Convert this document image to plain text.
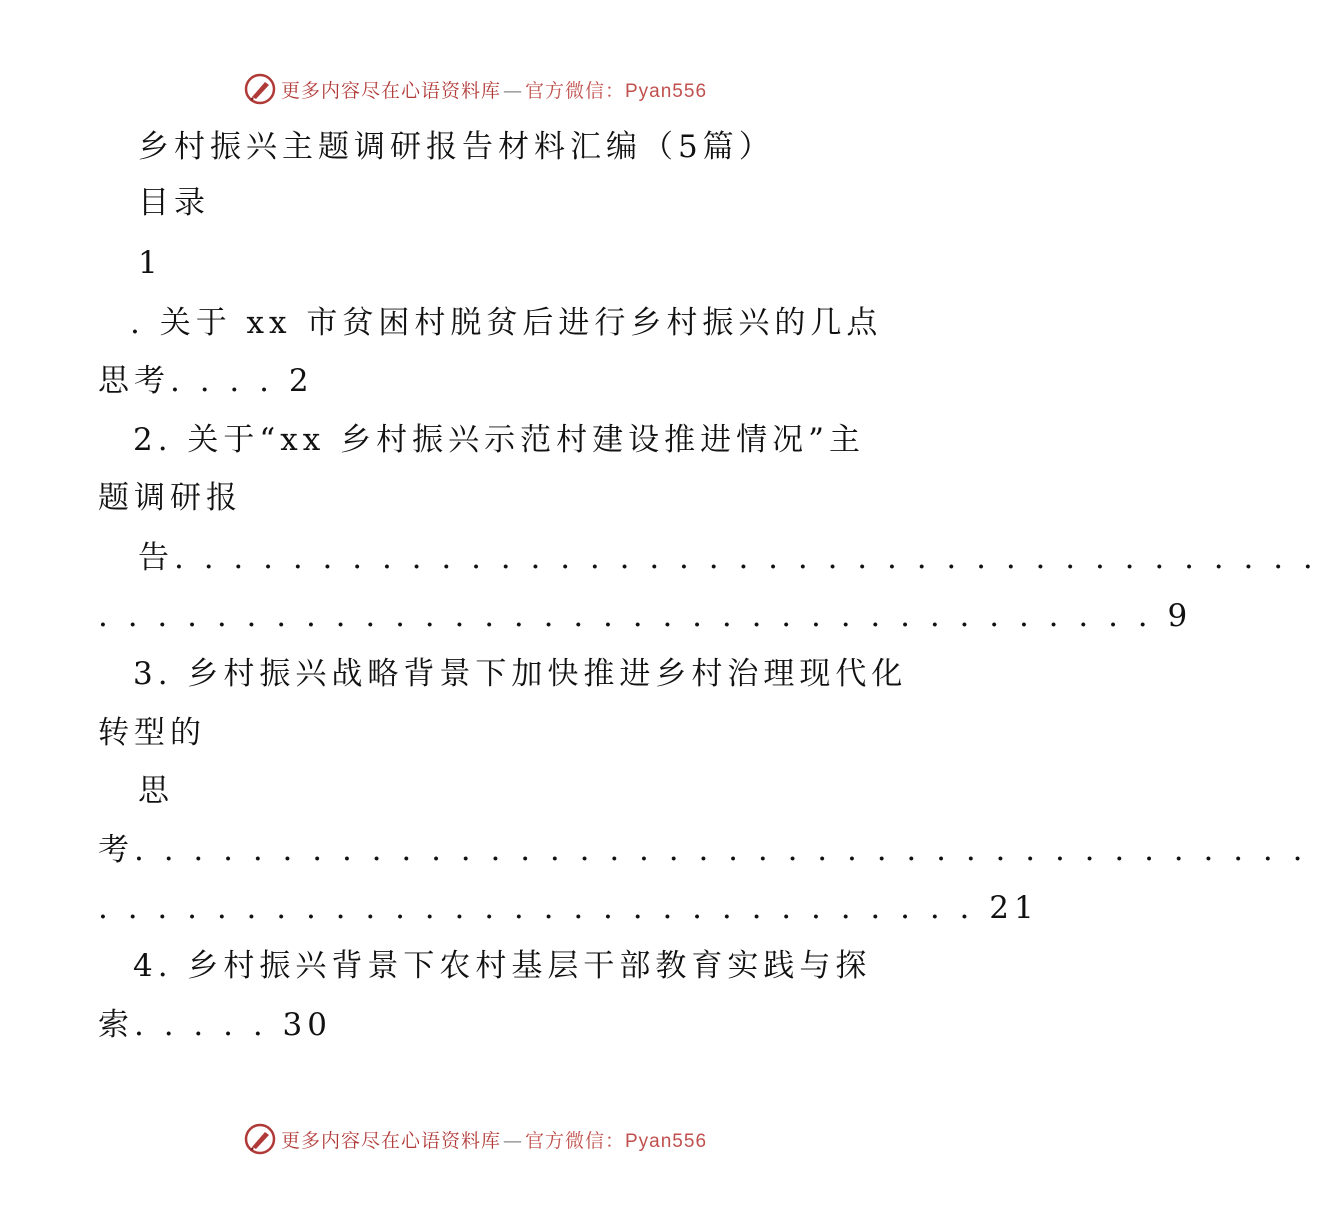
更多内容尽在心语资料库 — 官方微信：Pyan556
乡村振兴主题调研报告材料汇编（5篇）
目录
1
. 关于 xx 市贫困村脱贫后进行乡村振兴的几点
思考. . . . 2
2. 关于“xx 乡村振兴示范村建设推进情况”主
题调研报
告. . . . . . . . . . . . . . . . . . . . . . . . . . . . . . . . . . . . . . .
. . . . . . . . . . . . . . . . . . . . . . . . . . . . . . . . . . . . 9
3. 乡村振兴战略背景下加快推进乡村治理现代化
转型的
思
考. . . . . . . . . . . . . . . . . . . . . . . . . . . . . . . . . . . . . . . .
. . . . . . . . . . . . . . . . . . . . . . . . . . . . . . 21
4. 乡村振兴背景下农村基层干部教育实践与探
索. . . . . 30
更多内容尽在心语资料库 — 官方微信：Pyan556
